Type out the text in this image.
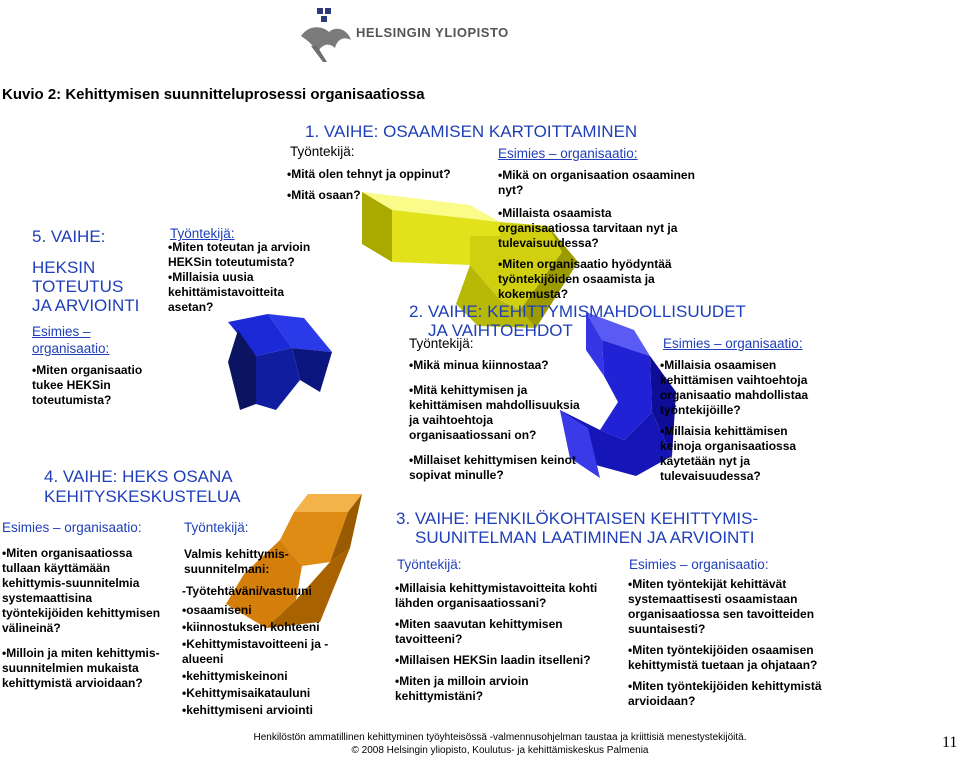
HELSINGIN YLIOPISTO
Kuvio 2: Kehittymisen suunnitteluprosessi organisaatiossa
1. VAIHE: OSAAMISEN KARTOITTAMINEN
Työntekijä:
• Mitä olen tehnyt ja oppinut?
• Mitä osaan?
Esimies – organisaatio:
• Mikä on organisaation osaaminen nyt?
• Millaista osaamista organisaatiossa tarvitaan nyt ja tulevaisuudessa?
• Miten organisaatio hyödyntää työntekijöiden osaamista ja kokemusta?
2. VAIHE: KEHITTYMISMAHDOLLISUUDET
JA VAIHTOEHDOT
Työntekijä:
• Mikä minua kiinnostaa?
• Mitä kehittymisen ja kehittämisen mahdollisuuksia ja vaihtoehtoja organisaatiossani on?
• Millaiset kehittymisen keinot sopivat minulle?
Esimies – organisaatio:
• Millaisia osaamisen kehittämisen vaihtoehtoja organisaatio mahdollistaa työntekijöille?
• Millaisia kehittämisen keinoja organisaatiossa käytetään nyt ja tulevaisuudessa?
3. VAIHE: HENKILÖKOHTAISEN KEHITTYMIS-
SUUNITELMAN LAATIMINEN JA ARVIOINTI
Työntekijä:
• Millaisia kehittymistavoitteita kohti lähden organisaatiossani?
• Miten saavutan kehittymisen tavoitteeni?
• Millaisen HEKSin laadin itselleni?
• Miten ja milloin arvioin kehittymistäni?
Esimies – organisaatio:
• Miten työntekijät kehittävät systemaattisesti osaamistaan organisaatiossa sen tavoitteiden suuntaisesti?
• Miten työntekijöiden osaamisen kehittymistä tuetaan ja ohjataan?
• Miten työntekijöiden kehittymistä arvioidaan?
4. VAIHE: HEKS OSANA
KEHITYSKESKUSTELUA
Esimies – organisaatio:
• Miten organisaatiossa tullaan käyttämään kehittymis-suunnitelmia systemaattisina työntekijöiden kehittymisen välineinä?
• Milloin ja miten kehittymis-suunnitelmien mukaista kehittymistä arvioidaan?
Työntekijä:
Valmis kehittymis-suunnitelmani:
-Työtehtäväni/vastuuni
• osaamiseni
• kiinnostuksen kohteeni
• Kehittymistavoitteeni ja -alueeni
• kehittymiskeinoni
• Kehittymisaikatauluni
• kehittymiseni arviointi
5. VAIHE:
HEKSIN
TOTEUTUS
JA ARVIOINTI
Esimies – organisaatio:
• Miten organisaatio tukee HEKSin toteutumista?
Työntekijä:
• Miten toteutan ja arvioin HEKSin toteutumista?
• Millaisia uusia kehittämistavoitteita asetan?
Henkilöstön ammatillinen kehittyminen työyhteisössä -valmennusohjelman taustaa ja kriittisiä menestystekijöitä.
© 2008 Helsingin yliopisto, Koulutus- ja kehittämiskeskus Palmenia	11
